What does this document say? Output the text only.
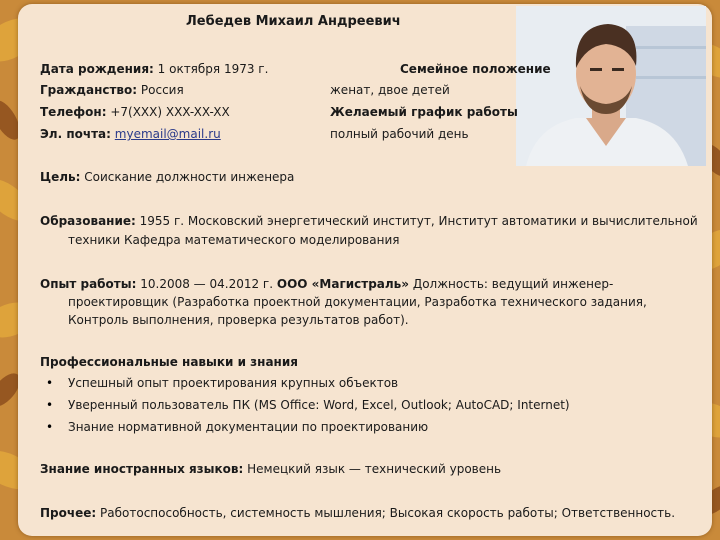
Лебедев Михаил Андреевич
Дата рождения: 1 октября 1973 г.
Гражданство: Россия
Телефон: +7(XXX) XXX-XX-XX
Эл. почта: myemail@mail.ru
Семейное положение
женат, двое детей
Желаемый график работы
полный рабочий день
Цель: Соискание должности инженера
Образование: 1955 г. Московский энергетический институт, Институт автоматики и вычислительной
техники Кафедра математического моделирования
Опыт работы: 10.2008 — 04.2012 г. ООО «Магистраль» Должность: ведущий инженер-
проектировщик (Разработка проектной документации, Разработка технического задания,
Контроль выполнения, проверка результатов работ).
Профессиональные навыки и знания
• Успешный опыт проектирования крупных объектов
• Уверенный пользователь ПК (MS Office: Word, Excel, Outlook; AutoCAD; Internet)
• Знание нормативной документации по проектированию
Знание иностранных языков: Немецкий язык — технический уровень
Прочее: Работоспособность, системность мышления; Высокая скорость работы; Ответственность.
